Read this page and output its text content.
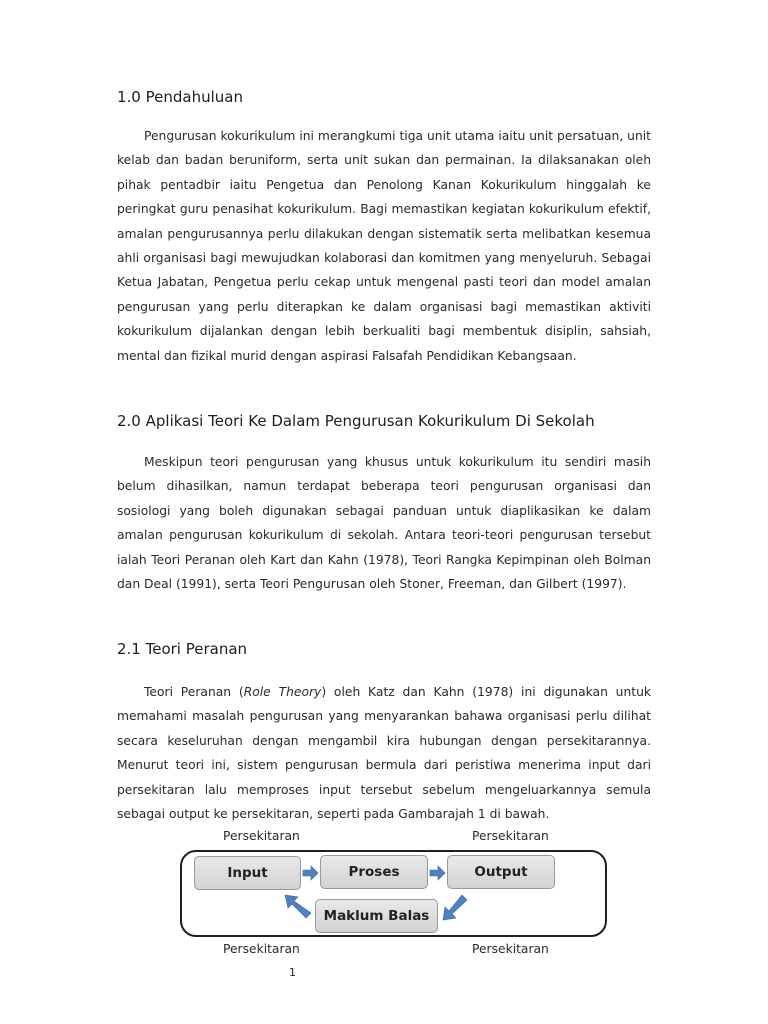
1.0 Pendahuluan

Pengurusan kokurikulum ini merangkumi tiga unit utama iaitu unit persatuan, unit kelab dan badan beruniform, serta unit sukan dan permainan. Ia dilaksanakan oleh pihak pentadbir iaitu Pengetua dan Penolong Kanan Kokurikulum hinggalah ke peringkat guru penasihat kokurikulum. Bagi memastikan kegiatan kokurikulum efektif, amalan pengurusannya perlu dilakukan dengan sistematik serta melibatkan kesemua ahli organisasi bagi mewujudkan kolaborasi dan komitmen yang menyeluruh. Sebagai Ketua Jabatan, Pengetua perlu cekap untuk mengenal pasti teori dan model amalan pengurusan yang perlu diterapkan ke dalam organisasi bagi memastikan aktiviti kokurikulum dijalankan dengan lebih berkualiti bagi membentuk disiplin, sahsiah, mental dan fizikal murid dengan aspirasi Falsafah Pendidikan Kebangsaan.

2.0 Aplikasi Teori Ke Dalam Pengurusan Kokurikulum Di Sekolah

Meskipun teori pengurusan yang khusus untuk kokurikulum itu sendiri masih belum dihasilkan, namun terdapat beberapa teori pengurusan organisasi dan sosiologi yang boleh digunakan sebagai panduan untuk diaplikasikan ke dalam amalan pengurusan kokurikulum di sekolah. Antara teori-teori pengurusan tersebut ialah Teori Peranan oleh Kart dan Kahn (1978), Teori Rangka Kepimpinan oleh Bolman dan Deal (1991), serta Teori Pengurusan oleh Stoner, Freeman, dan Gilbert (1997).

2.1 Teori Peranan

Teori Peranan (Role Theory) oleh Katz dan Kahn (1978) ini digunakan untuk memahami masalah pengurusan yang menyarankan bahawa organisasi perlu dilihat secara keseluruhan dengan mengambil kira hubungan dengan persekitarannya. Menurut teori ini, sistem pengurusan bermula dari peristiwa menerima input dari persekitaran lalu memproses input tersebut sebelum mengeluarkannya semula sebagai output ke persekitaran, seperti pada Gambarajah 1 di bawah.

Persekitaran	Persekitaran
Input	Proses	Output
Maklum Balas
Persekitaran	Persekitaran
1
